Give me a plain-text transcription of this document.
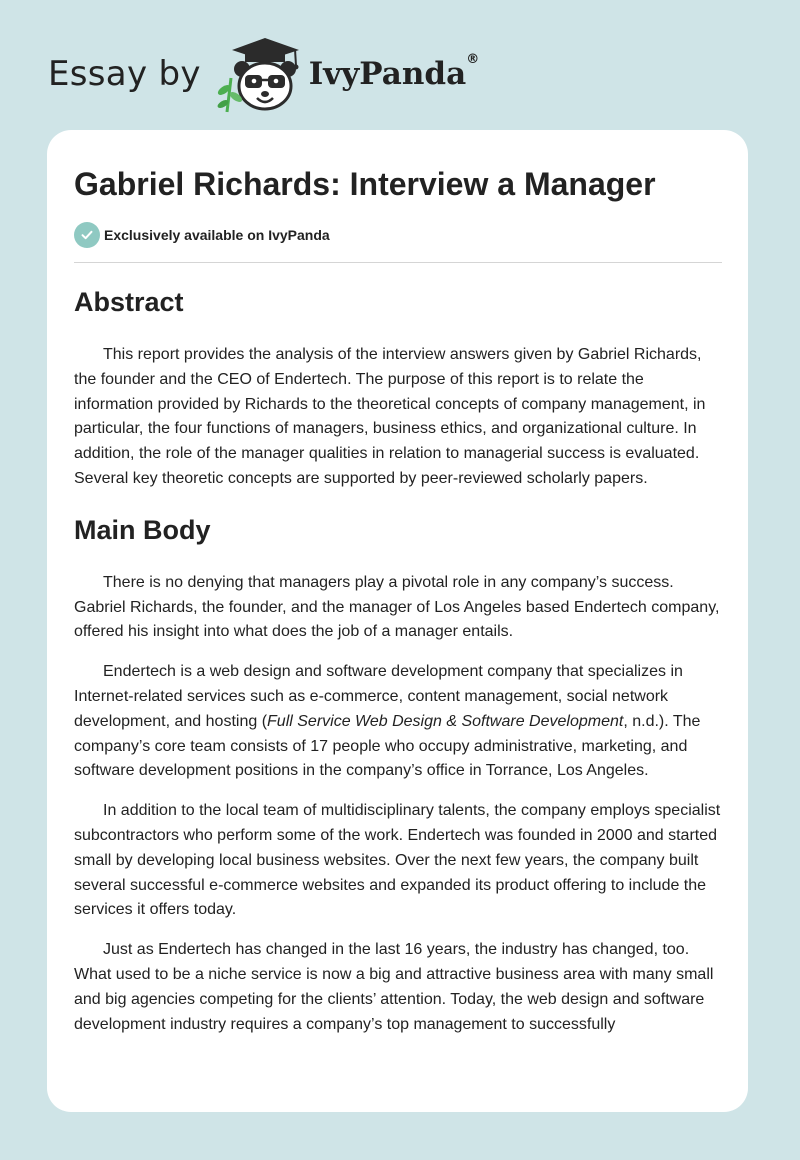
Essay by	IvyPanda®
Gabriel Richards: Interview a Manager
Exclusively available on IvyPanda
Abstract

This report provides the analysis of the interview answers given by Gabriel Richards, the founder and the CEO of Endertech. The purpose of this report is to relate the information provided by Richards to the theoretical concepts of company management, in particular, the four functions of managers, business ethics, and organizational culture. In addition, the role of the manager qualities in relation to managerial success is evaluated. Several key theoretic concepts are supported by peer-reviewed scholarly papers.

Main Body

There is no denying that managers play a pivotal role in any company’s success. Gabriel Richards, the founder, and the manager of Los Angeles based Endertech company, offered his insight into what does the job of a manager entails.

Endertech is a web design and software development company that specializes in Internet-related services such as e-commerce, content management, social network development, and hosting (Full Service Web Design & Software Development, n.d.). The company’s core team consists of 17 people who occupy administrative, marketing, and software development positions in the company’s office in Torrance, Los Angeles.

In addition to the local team of multidisciplinary talents, the company employs specialist subcontractors who perform some of the work. Endertech was founded in 2000 and started small by developing local business websites. Over the next few years, the company built several successful e-commerce websites and expanded its product offering to include the services it offers today.

Just as Endertech has changed in the last 16 years, the industry has changed, too. What used to be a niche service is now a big and attractive business area with many small and big agencies competing for the clients’ attention. Today, the web design and software development industry requires a company’s top management to successfully
